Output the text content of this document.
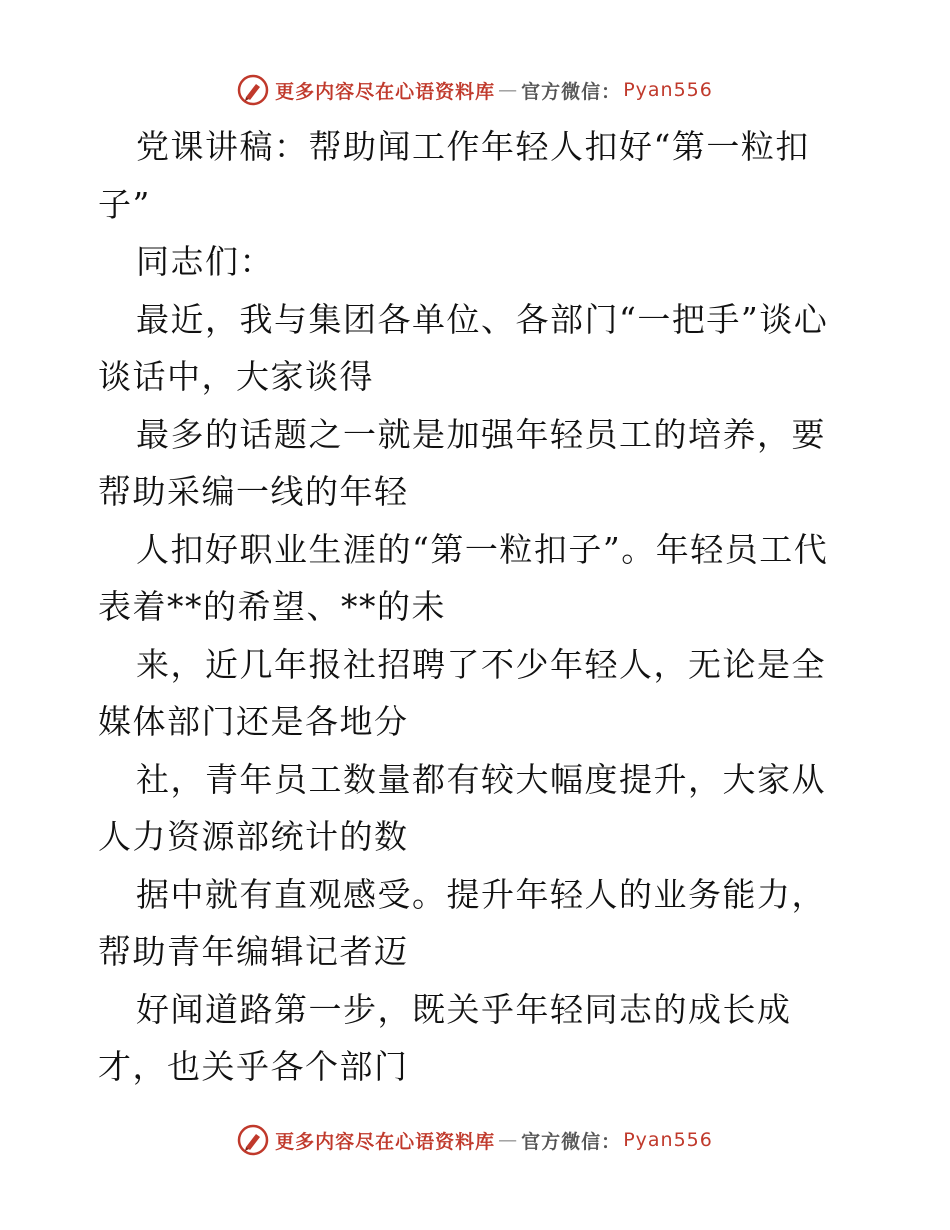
更多内容尽在心语资料库 — 官方微信： Pyan556

党课讲稿：帮助闻工作年轻人扣好“第一粒扣子”

同志们：

最近，我与集团各单位、各部门“一把手”谈心谈话中，大家谈得

最多的话题之一就是加强年轻员工的培养，要帮助采编一线的年轻

人扣好职业生涯的“第一粒扣子”。年轻员工代表着**的希望、**的未

来，近几年报社招聘了不少年轻人，无论是全媒体部门还是各地分

社，青年员工数量都有较大幅度提升，大家从人力资源部统计的数

据中就有直观感受。提升年轻人的业务能力，帮助青年编辑记者迈

好闻道路第一步，既关乎年轻同志的成长成才，也关乎各个部门

更多内容尽在心语资料库 — 官方微信： Pyan556
